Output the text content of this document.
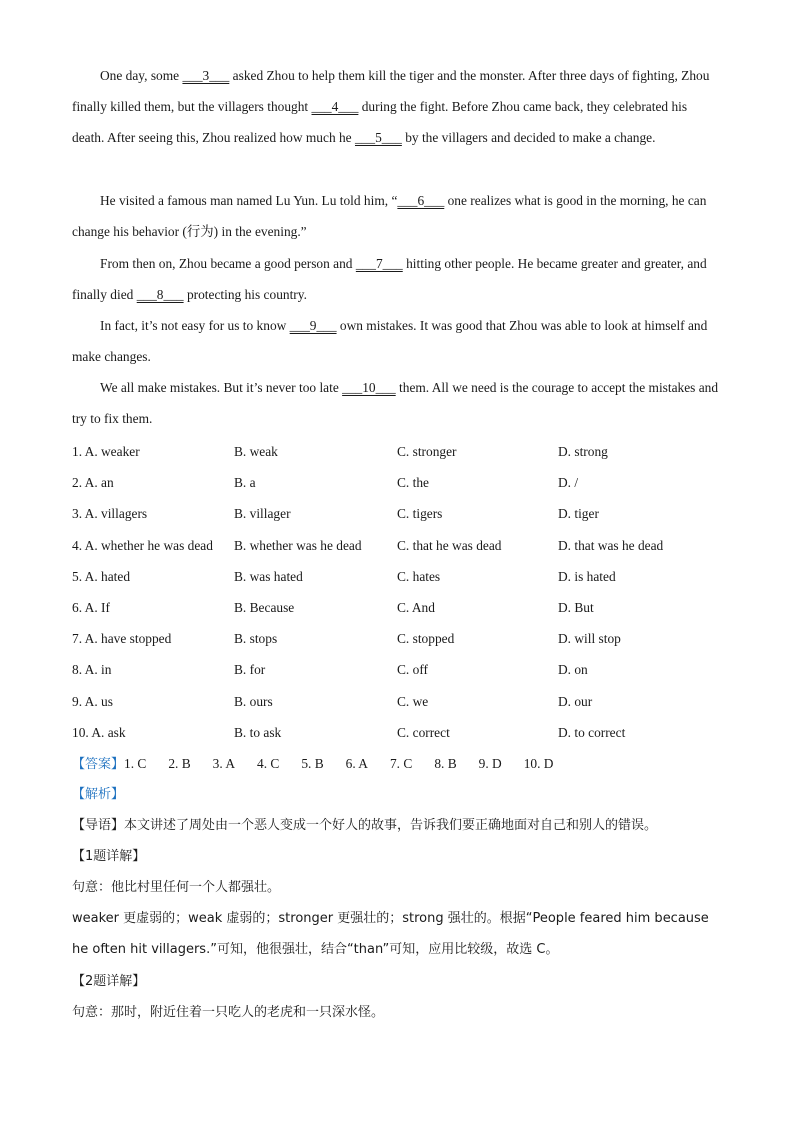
One day, some ___3___ asked Zhou to help them kill the tiger and the monster. After three days of fighting, Zhou finally killed them, but the villagers thought ___4___ during the fight. Before Zhou came back, they celebrated his death. After seeing this, Zhou realized how much he ___5___ by the villagers and decided to make a change.

He visited a famous man named Lu Yun. Lu told him, “___6___ one realizes what is good in the morning, he can change his behavior (行为) in the evening.”

From then on, Zhou became a good person and ___7___ hitting other people. He became greater and greater, and finally died ___8___ protecting his country.

In fact, it’s not easy for us to know ___9___ own mistakes. It was good that Zhou was able to look at himself and make changes.

We all make mistakes. But it’s never too late ___10___ them. All we need is the courage to accept the mistakes and try to fix them.

1. A. weaker	B. weak	C. stronger	D. strong
2. A. an	B. a	C. the	D. /
3. A. villagers	B. villager	C. tigers	D. tiger
4. A. whether he was dead B. whether was he dead	C. that he was dead	D. that was he dead
5. A. hated	B. was hated	C. hates	D. is hated
6. A. If	B. Because	C. And	D. But
7. A. have stopped	B. stops	C. stopped	D. will stop
8. A. in	B. for	C. off	D. on
9. A. us	B. ours	C. we	D. our
10. A. ask	B. to ask	C. correct	D. to correct
【答案】1. C 2. B 3. A 4. C 5. B 6. A 7. C 8. B 9. D 10. D
【解析】
【导语】本文讲述了周处由一个恶人变成一个好人的故事，告诉我们要正确地面对自己和别人的错误。
【1题详解】
句意：他比村里任何一个人都强壮。
weaker 更虚弱的；weak 虚弱的；stronger 更强壮的；strong 强壮的。根据“People feared him because he often hit villagers.”可知，他很强壮，结合“than”可知，应用比较级，故选 C。
【2题详解】
句意：那时，附近住着一只吃人的老虎和一只深水怪。
